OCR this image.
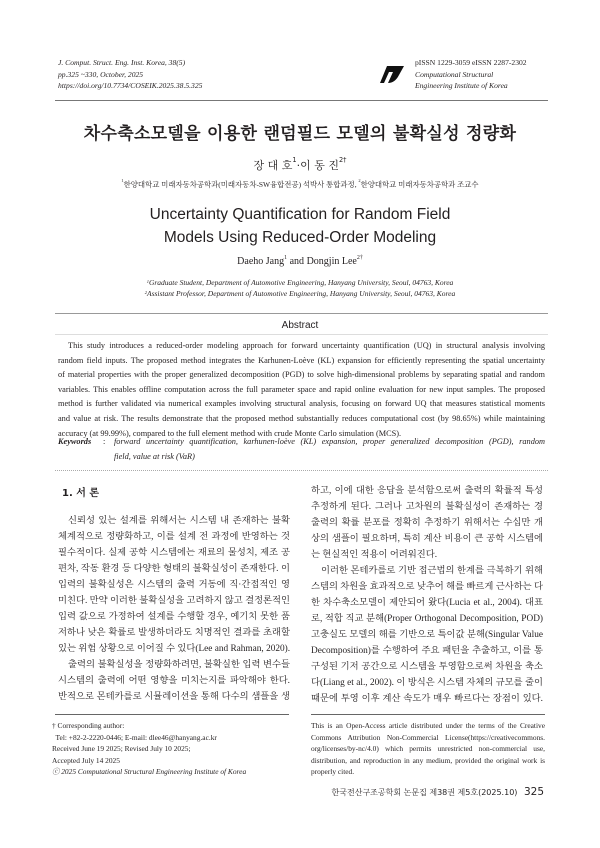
J. Comput. Struct. Eng. Inst. Korea, 38(5)
pp.325 ~330, October, 2025
https://doi.org/10.7734/COSEIK.2025.38.5.325
pISSN 1229-3059 eISSN 2287-2302
Computational Structural
Engineering Institute of Korea
차수축소모델을 이용한 랜덤필드 모델의 불확실성 정량화
장 대 호$^1$·이 동 진$^{2\dagger}$
$^1$한양대학교 미래자동차공학과(미래자동차-SW융합전공) 석박사 통합과정, $^2$한양대학교 미래자동차공학과 조교수
Uncertainty Quantification for Random Field
Models Using Reduced-Order Modeling
Daeho Jang$^1$ and Dongjin Lee$^{2\dagger}$
$^1$Graduate Student, Department of Automotive Engineering, Hanyang University, Seoul, 04763, Korea
$^2$Assistant Professor, Department of Automotive Engineering, Hanyang University, Seoul, 04763, Korea
Abstract
This study introduces a reduced-order modeling approach for forward uncertainty quantification (UQ) in structural analysis involving
random field inputs. The proposed method integrates the Karhunen-Loève (KL) expansion for efficiently representing the spatial uncertainty
of material properties with the proper generalized decomposition (PGD) to solve high-dimensional problems by separating spatial and random
variables. This enables offline computation across the full parameter space and rapid online evaluation for new input samples. The proposed
method is further validated via numerical examples involving structural analysis, focusing on forward UQ that measures statistical moments
and value at risk. The results demonstrate that the proposed method substantially reduces computational cost (by 98.65%) while maintaining
accuracy (at 99.99%), compared to the full element method with crude Monte Carlo simulation (MCS).
Keywords : forward uncertainty quantification, karhunen-loève (KL) expansion, proper generalized decomposition (PGD), random
field, value at risk (VaR)
1. 서 론
신뢰성 있는 설계를 위해서는 시스템 내 존재하는 불확
체계적으로 정량화하고, 이를 설계 전 과정에 반영하는 것
필수적이다. 실제 공학 시스템에는 재료의 물성치, 제조 공
편차, 작동 환경 등 다양한 형태의 불확실성이 존재한다. 이
입력의 불확실성은 시스템의 출력 거동에 직·간접적인 영
미친다. 만약 이러한 불확실성을 고려하지 않고 결정론적인
입력 값으로 가정하여 설계를 수행할 경우, 예기치 못한 품
저하나 낮은 확률로 발생하더라도 치명적인 결과를 초래할
있는 위험 상황으로 이어질 수 있다(Lee and Rahman, 2020).
출력의 불확실성을 정량화하려면, 불확실한 입력 변수들
시스템의 출력에 어떤 영향을 미치는지를 파악해야 한다.
반적으로 몬테카를로 시뮬레이션을 통해 다수의 샘플을 생
하고, 이에 대한 응답을 분석함으로써 출력의 확률적 특성
추정하게 된다. 그러나 고차원의 불확실성이 존재하는 경
출력의 확률 분포를 정확히 추정하기 위해서는 수십만 개
상의 샘플이 필요하며, 특히 계산 비용이 큰 공학 시스템에
는 현실적인 적용이 어려워진다.
이러한 몬테카를로 기반 접근법의 한계를 극복하기 위해
스템의 차원을 효과적으로 낮추어 해를 빠르게 근사하는 다
한 차수축소모델이 제안되어 왔다(Lucia et al., 2004). 대표
로, 적합 직교 분해(Proper Orthogonal Decomposition, POD)
고충실도 모델의 해를 기반으로 특이값 분해(Singular Value
Decomposition)를 수행하여 주요 패턴을 추출하고, 이를 통
구성된 기저 공간으로 시스템을 투영함으로써 차원을 축소
다(Liang et al., 2002). 이 방식은 시스템 자체의 규모를 줄이
때문에 투영 이후 계산 속도가 매우 빠르다는 장점이 있다.
† Corresponding author:
Tel: +82-2-2220-0446; E-mail: dlee46@hanyang.ac.kr
Received June 19 2025; Revised July 10 2025;
Accepted July 14 2025
ⓒ 2025 Computational Structural Engineering Institute of Korea
This is an Open-Access article distributed under the terms of the Creative
Commons Attribution Non-Commercial License(https://creativecommons.
org/licenses/by-nc/4.0) which permits unrestricted non-commercial use,
distribution, and reproduction in any medium, provided the original work is
properly cited.
한국전산구조공학회 논문집 제38권 제5호(2025.10) 325
